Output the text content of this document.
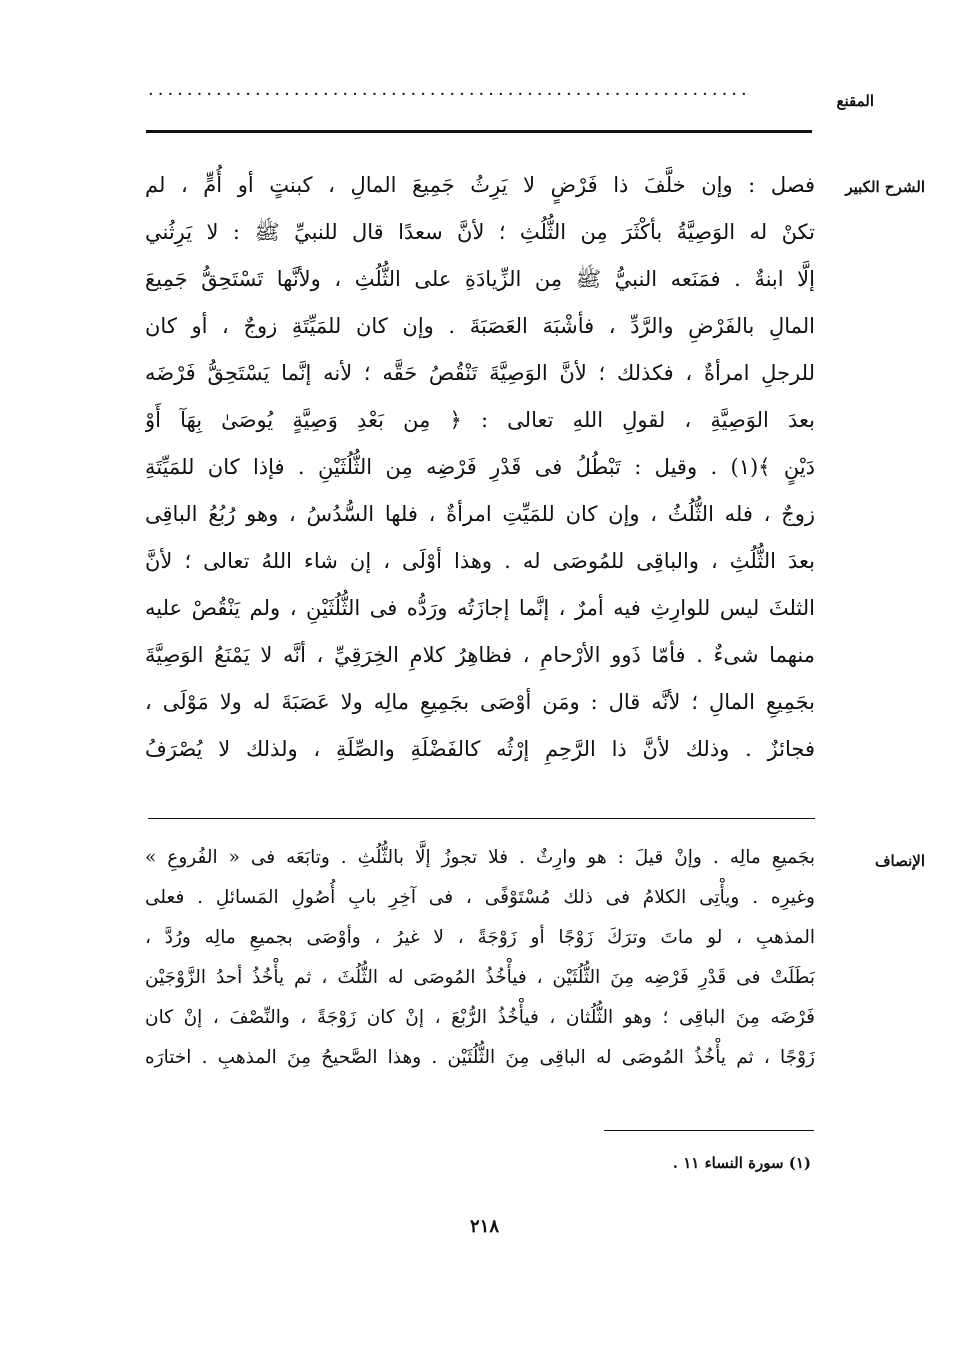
المقنع
······························································
الشرح الكبير
الإنصاف
فصل : وإن خلَّفَ ذا فَرْضٍ لا يَرِثُ جَمِيعَ المالِ ، كبنتٍ أو أُمٍّ ، لم
تكنْ له الوَصِيَّةُ بأكْثَرَ مِن الثُّلُثِ ؛ لأنَّ سعدًا قال للنبيِّ ﷺ : لا يَرِثُني
إلَّا ابنةٌ . فمَنَعه النبيُّ ﷺ مِن الزِّيادَةِ على الثُّلُثِ ، ولأنَّها تَسْتَحِقُّ جَمِيعَ
المالِ بالفَرْضِ والرَّدِّ ، فأشْبَهَ العَصَبَةَ . وإن كان للمَيِّتَةِ زوجٌ ، أو كان
للرجلِ امرأةٌ ، فكذلك ؛ لأنَّ الوَصِيَّةَ تَنْقُصُ حَقَّه ؛ لأنه إنَّما يَسْتَحِقُّ فَرْضَه
بعدَ الوَصِيَّةِ ، لقولِ اللهِ تعالى : ﴿ مِن بَعْدِ وَصِيَّةٍ يُوصَىٰ بِهَآ أَوْ
دَيْنٍ ﴾(١) . وقيل : تَبْطُلُ فى قَدْرِ فَرْضِه مِن الثُّلُثَيْنِ . فإذا كان للمَيِّتَةِ
زوجٌ ، فله الثُّلُثُ ، وإن كان للمَيِّتِ امرأةٌ ، فلها السُّدُسُ ، وهو رُبُعُ الباقِى
بعدَ الثُّلُثِ ، والباقِى للمُوصَى له . وهذا أوْلَى ، إن شاء اللهُ تعالى ؛ لأنَّ
الثلثَ ليس للوارِثِ فيه أمرٌ ، إنَّما إجازَتُه ورَدُّه فى الثُّلُثَيْنِ ، ولم يَنْقُصْ عليه
منهما شىءٌ . فأمّا ذَوو الأرْحامِ ، فظاهِرُ كلامِ الخِرَقِيِّ ، أنَّه لا يَمْنَعُ الوَصِيَّةَ
بجَمِيعِ المالِ ؛ لأنَّه قال : ومَن أوْصَى بجَمِيعِ مالِه ولا عَصَبَةَ له ولا مَوْلَى ،
فجائزٌ . وذلك لأنَّ ذا الرَّحِمِ إرْثُه كالفَضْلَةِ والصِّلَةِ ، ولذلك لا يُصْرَفُ
بجَميعِ مالِه . وإنْ قيلَ : هو وارِثٌ . فلا تجوزُ إلَّا بالثُّلُثِ . وتابَعَه فى « الفُروعِ »
وغيرِه . ويأْتِى الكلامُ فى ذلك مُسْتَوْفًى ، فى آخِرِ بابِ أُصُولِ المَسائلِ . فعلى
المذهبِ ، لو ماتَ وترَكَ زَوْجًا أو زَوْجَةً ، لا غيرُ ، وأوْصَى بجميعِ مالِه ورُدَّ ،
بَطَلَتْ فى قَدْرِ فَرْضِه مِنَ الثُّلُثَيْن ، فيأْخُذُ المُوصَى له الثُّلُثَ ، ثم يأْخُذُ أحدُ الزَّوْجَيْن
فَرْضَه مِنَ الباقِى ؛ وهو الثُّلُثان ، فيأْخُذُ الرُّبْعَ ، إنْ كان زَوْجَةً ، والنِّصْفَ ، إنْ كان
زَوْجًا ، ثم يأْخُذُ المُوصَى له الباقِى مِنَ الثُّلُثَيْن . وهذا الصَّحيحُ مِنَ المذهبِ . اختارَه
(١) سورة النساء ١١ .
٢١٨
